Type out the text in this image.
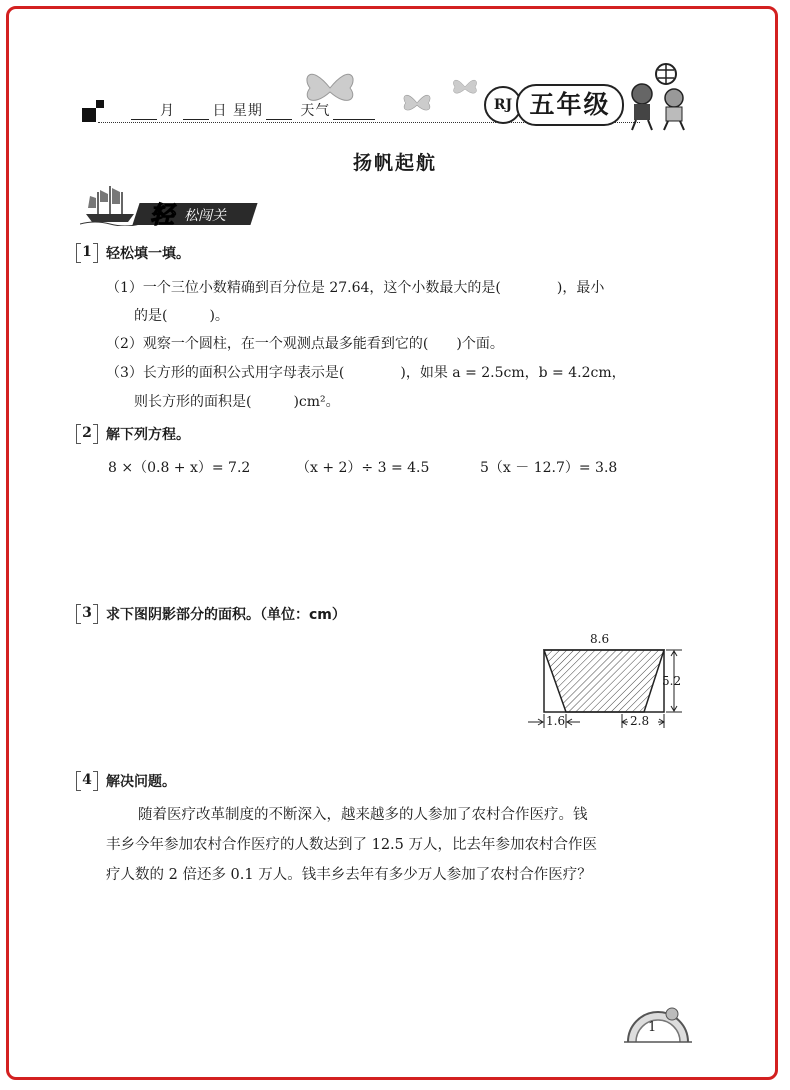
月	日 星期	天气	RJ 五年级
扬帆起航
轻 松闯关
1	轻松填一填。
（1）一个三位小数精确到百分位是 27.64，这个小数最大的是(　　　　)，最小
的是(　　　)。
（2）观察一个圆柱，在一个观测点最多能看到它的(　　)个面。
（3）长方形的面积公式用字母表示是(　　　　)，如果 a = 2.5cm，b = 4.2cm，
则长方形的面积是(　　　)cm²。
2	解下列方程。
8 ×（0.8 + x）= 7.2	（x + 2）÷ 3 = 4.5	5（x － 12.7）= 3.8
3	求下图阴影部分的面积。（单位：cm）
8.6
5.2
1.6	2.8
4	解决问题。
随着医疗改革制度的不断深入，越来越多的人参加了农村合作医疗。钱
丰乡今年参加农村合作医疗的人数达到了 12.5 万人，比去年参加农村合作医
疗人数的 2 倍还多 0.1 万人。钱丰乡去年有多少万人参加了农村合作医疗？
1
